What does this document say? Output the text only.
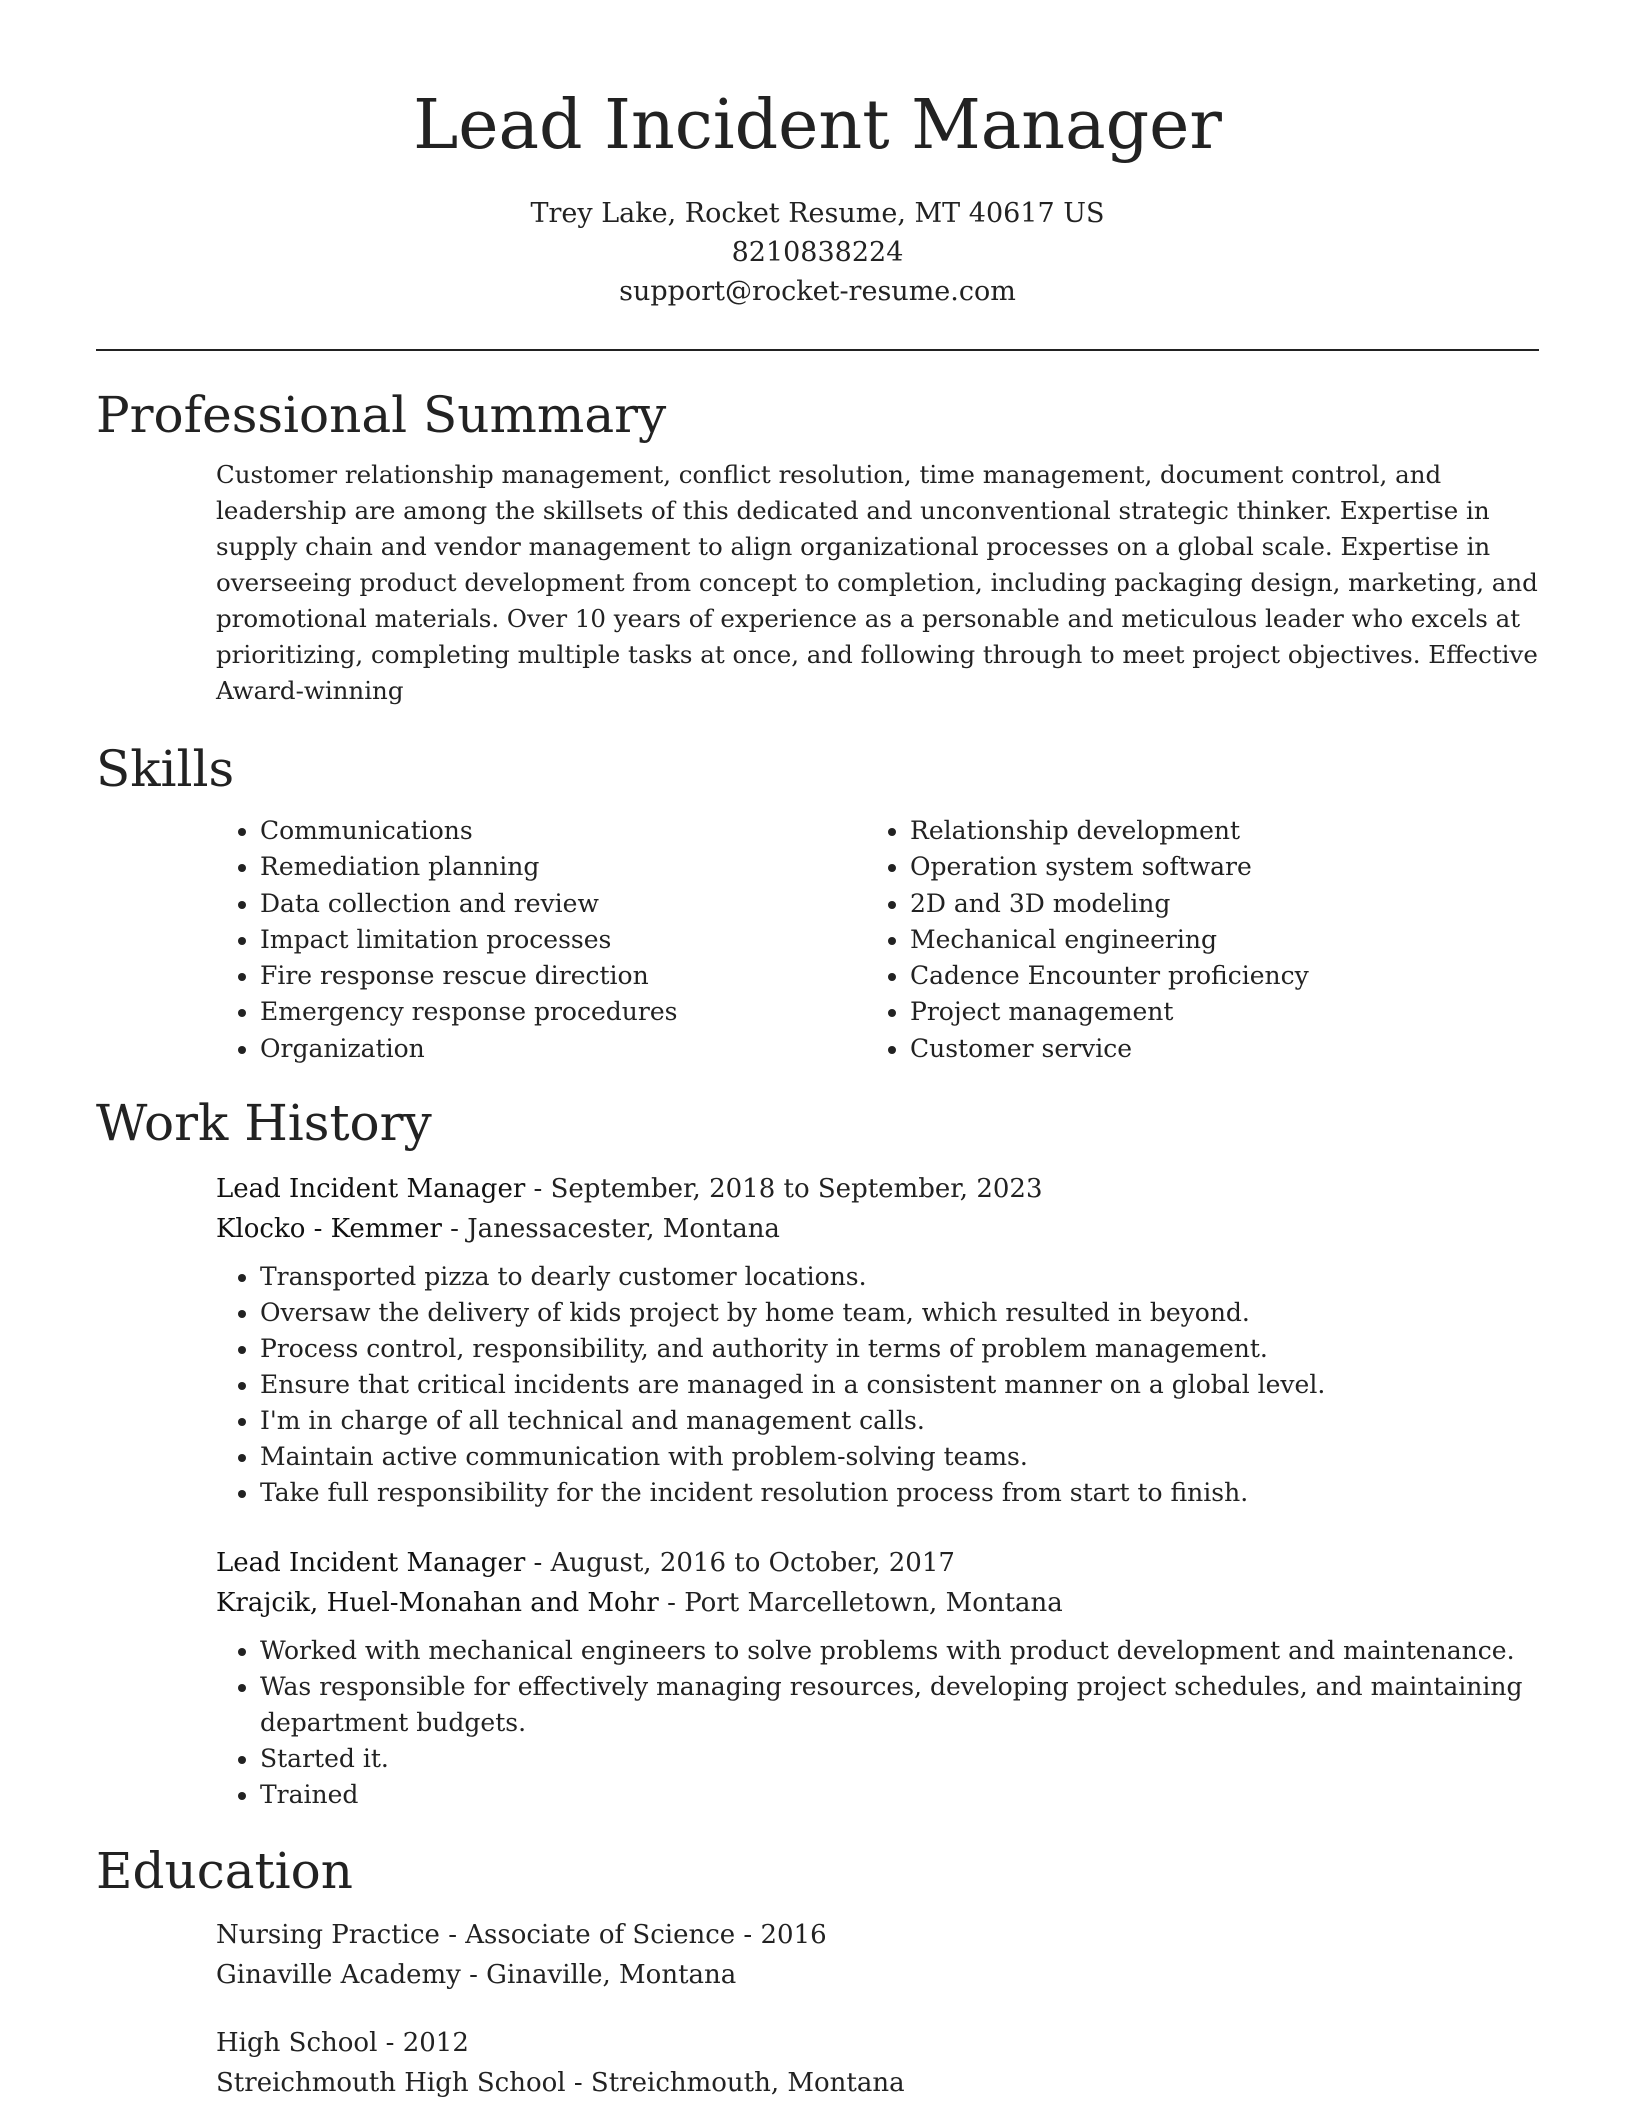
Lead Incident Manager
Trey Lake, Rocket Resume, MT 40617 US
8210838224
support@rocket-resume.com
Professional Summary

Customer relationship management, conflict resolution, time management, document control, and leadership are among the skillsets of this dedicated and unconventional strategic thinker. Expertise in supply chain and vendor management to align organizational processes on a global scale. Expertise in overseeing product development from concept to completion, including packaging design, marketing, and promotional materials. Over 10 years of experience as a personable and meticulous leader who excels at prioritizing, completing multiple tasks at once, and following through to meet project objectives. Effective Award-winning

Skills
• Communications
• Remediation planning
• Data collection and review
• Impact limitation processes
• Fire response rescue direction
• Emergency response procedures
• Organization
• Relationship development
• Operation system software
• 2D and 3D modeling
• Mechanical engineering
• Cadence Encounter proficiency
• Project management
• Customer service
Work History
Lead Incident Manager - September, 2018 to September, 2023
Klocko - Kemmer - Janessacester, Montana
• Transported pizza to dearly customer locations.
• Oversaw the delivery of kids project by home team, which resulted in beyond.
• Process control, responsibility, and authority in terms of problem management.
• Ensure that critical incidents are managed in a consistent manner on a global level.
• I'm in charge of all technical and management calls.
• Maintain active communication with problem-solving teams.
• Take full responsibility for the incident resolution process from start to finish.
Lead Incident Manager - August, 2016 to October, 2017
Krajcik, Huel-Monahan and Mohr - Port Marcelletown, Montana
• Worked with mechanical engineers to solve problems with product development and maintenance.
• Was responsible for effectively managing resources, developing project schedules, and maintaining department budgets.
• Started it.
• Trained
Education
Nursing Practice - Associate of Science - 2016
Ginaville Academy - Ginaville, Montana
High School - 2012
Streichmouth High School - Streichmouth, Montana
